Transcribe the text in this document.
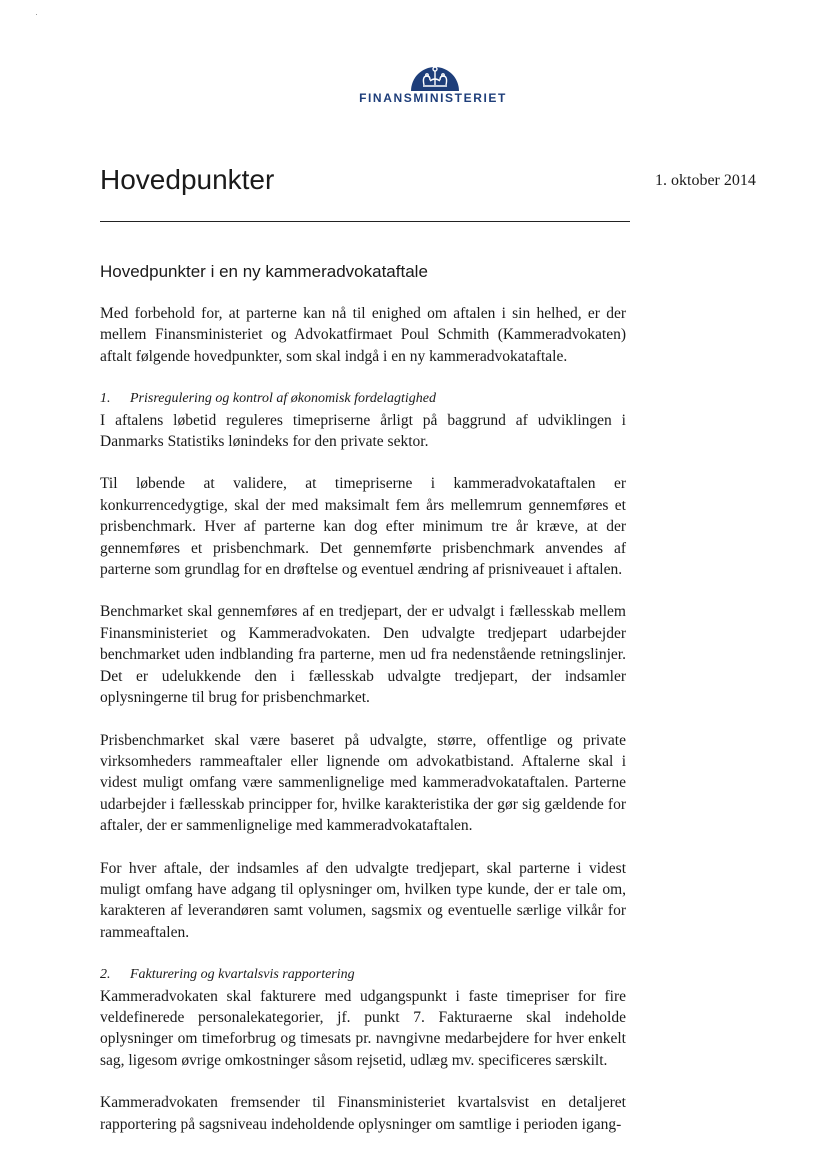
FINANSMINISTERIET
Hovedpunkter	1. oktober 2014
Hovedpunkter i en ny kammeradvokataftale

Med forbehold for, at parterne kan nå til enighed om aftalen i sin helhed, er der mellem Finansministeriet og Advokatfirmaet Poul Schmith (Kammeradvokaten) aftalt følgende hovedpunkter, som skal indgå i en ny kammeradvokataftale.

1. Prisregulering og kontrol af økonomisk fordelagtighed

I aftalens løbetid reguleres timepriserne årligt på baggrund af udviklingen i Danmarks Statistiks lønindeks for den private sektor.

Til løbende at validere, at timepriserne i kammeradvokataftalen er konkurrencedygtige, skal der med maksimalt fem års mellemrum gennemføres et prisbenchmark. Hver af parterne kan dog efter minimum tre år kræve, at der gennemføres et prisbenchmark. Det gennemførte prisbenchmark anvendes af parterne som grundlag for en drøftelse og eventuel ændring af prisniveauet i aftalen.

Benchmarket skal gennemføres af en tredjepart, der er udvalgt i fællesskab mellem Finansministeriet og Kammeradvokaten. Den udvalgte tredjepart udarbejder benchmarket uden indblanding fra parterne, men ud fra nedenstående retningslinjer. Det er udelukkende den i fællesskab udvalgte tredjepart, der indsamler oplysningerne til brug for prisbenchmarket.

Prisbenchmarket skal være baseret på udvalgte, større, offentlige og private virksomheders rammeaftaler eller lignende om advokatbistand. Aftalerne skal i videst muligt omfang være sammenlignelige med kammeradvokataftalen. Parterne udarbejder i fællesskab principper for, hvilke karakteristika der gør sig gældende for aftaler, der er sammenlignelige med kammeradvokataftalen.

For hver aftale, der indsamles af den udvalgte tredjepart, skal parterne i videst muligt omfang have adgang til oplysninger om, hvilken type kunde, der er tale om, karakteren af leverandøren samt volumen, sagsmix og eventuelle særlige vilkår for rammeaftalen.

2. Fakturering og kvartalsvis rapportering

Kammeradvokaten skal fakturere med udgangspunkt i faste timepriser for fire veldefinerede personalekategorier, jf. punkt 7. Fakturaerne skal indeholde oplysninger om timeforbrug og timesats pr. navngivne medarbejdere for hver enkelt sag, ligesom øvrige omkostninger såsom rejsetid, udlæg mv. specificeres særskilt.

Kammeradvokaten fremsender til Finansministeriet kvartalsvist en detaljeret rapportering på sagsniveau indeholdende oplysninger om samtlige i perioden igang-
